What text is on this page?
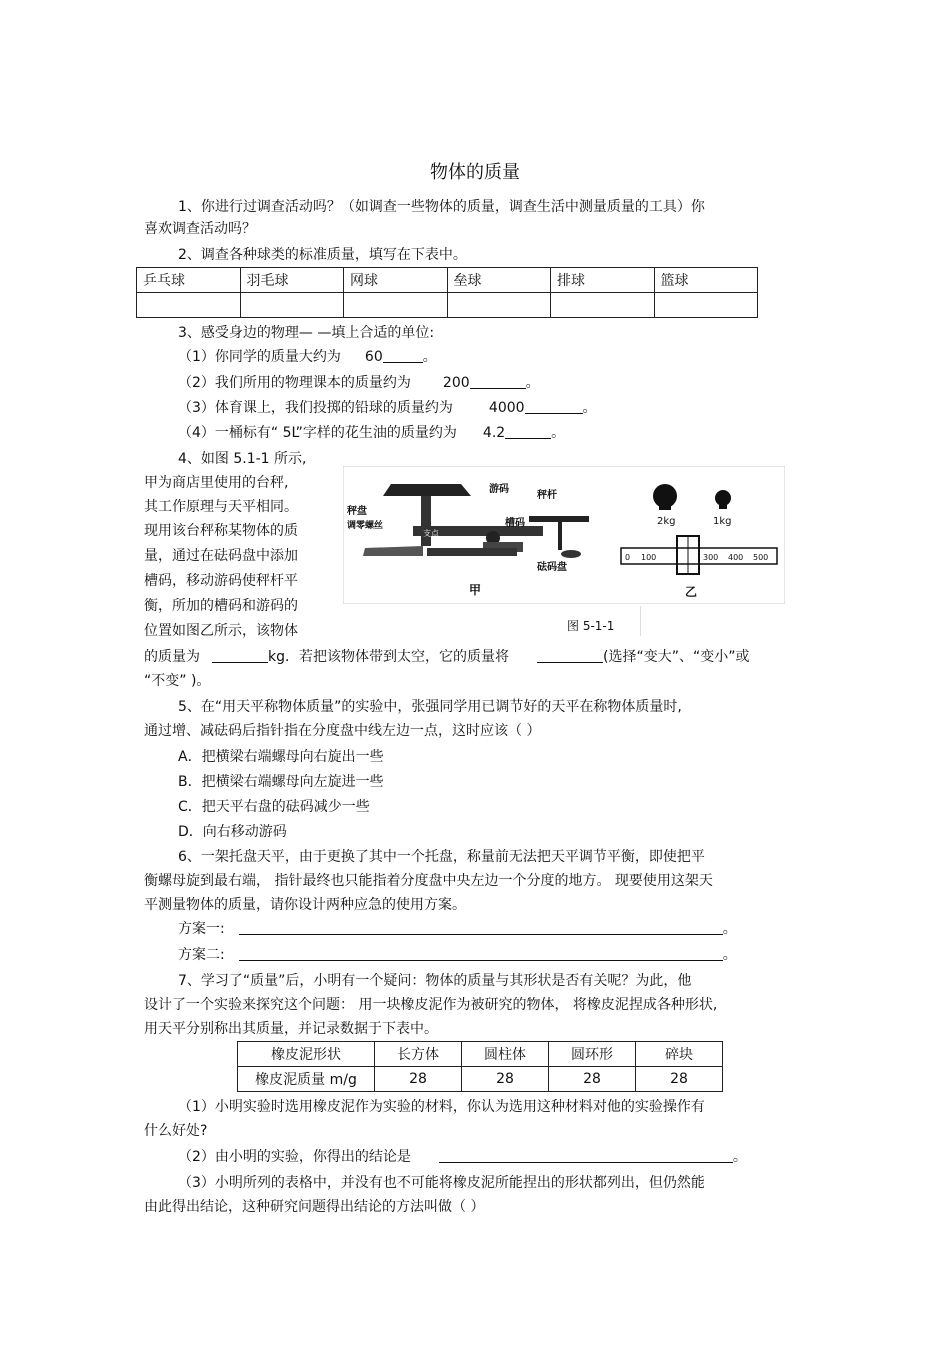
物体的质量
1、你进行过调查活动吗？（如调查一些物体的质量，调查生活中测量质量的工具）你
喜欢调查活动吗？
2、调查各种球类的标准质量，填写在下表中。
乒乓球	羽毛球	网球	垒球	排球	篮球

3、感受身边的物理— —填上合适的单位:
（1）你同学的质量大约为 60	。
（2）我们所用的物理课本的质量约为 200	。
（3）体育课上，我们投掷的铅球的质量约为	4000	。
（4）一桶标有“ 5L”字样的花生油的质量约为 4.2	。
4、如图 5.1-1 所示,
甲为商店里使用的台秤,
其工作原理与天平相同。
现用该台秤称某物体的质
量，通过在砝码盘中添加
槽码，移动游码使秤杆平
衡，所加的槽码和游码的
位置如图乙所示，该物体
秤盘
调零螺丝
游码
秤杆
槽码
砝码盘
支点
甲
2kg	1kg
0 100	300 400 500
乙
图 5-1-1
的质量为	kg．若把该物体带到太空，它的质量将	(选择“变大”、“变小”或
“不变” )。
5、在“用天平称物体质量”的实验中，张强同学用已调节好的天平在称物体质量时,
通过增、减砝码后指针指在分度盘中线左边一点，这时应该（ ）
A．把横梁右端螺母向右旋出一些
B．把横梁右端螺母向左旋进一些
C．把天平右盘的砝码减少一些
D．向右移动游码
6、一架托盘天平，由于更换了其中一个托盘，称量前无法把天平调节平衡，即使把平
衡螺母旋到最右端， 指针最终也只能指着分度盘中央左边一个分度的地方。 现要使用这架天
平测量物体的质量，请你设计两种应急的使用方案。
方案一:	。
方案二:	。
7、学习了“质量”后，小明有一个疑问：物体的质量与其形状是否有关呢？为此，他
设计了一个实验来探究这个问题： 用一块橡皮泥作为被研究的物体， 将橡皮泥捏成各种形状,
用天平分别称出其质量，并记录数据于下表中。
橡皮泥形状	长方体	圆柱体	圆环形	碎块
橡皮泥质量 m/g	28	28	28	28
（1）小明实验时选用橡皮泥作为实验的材料，你认为选用这种材料对他的实验操作有
什么好处?
（2）由小明的实验，你得出的结论是	。
（3）小明所列的表格中，并没有也不可能将橡皮泥所能捏出的形状都列出，但仍然能
由此得出结论，这种研究问题得出结论的方法叫做（ ）
